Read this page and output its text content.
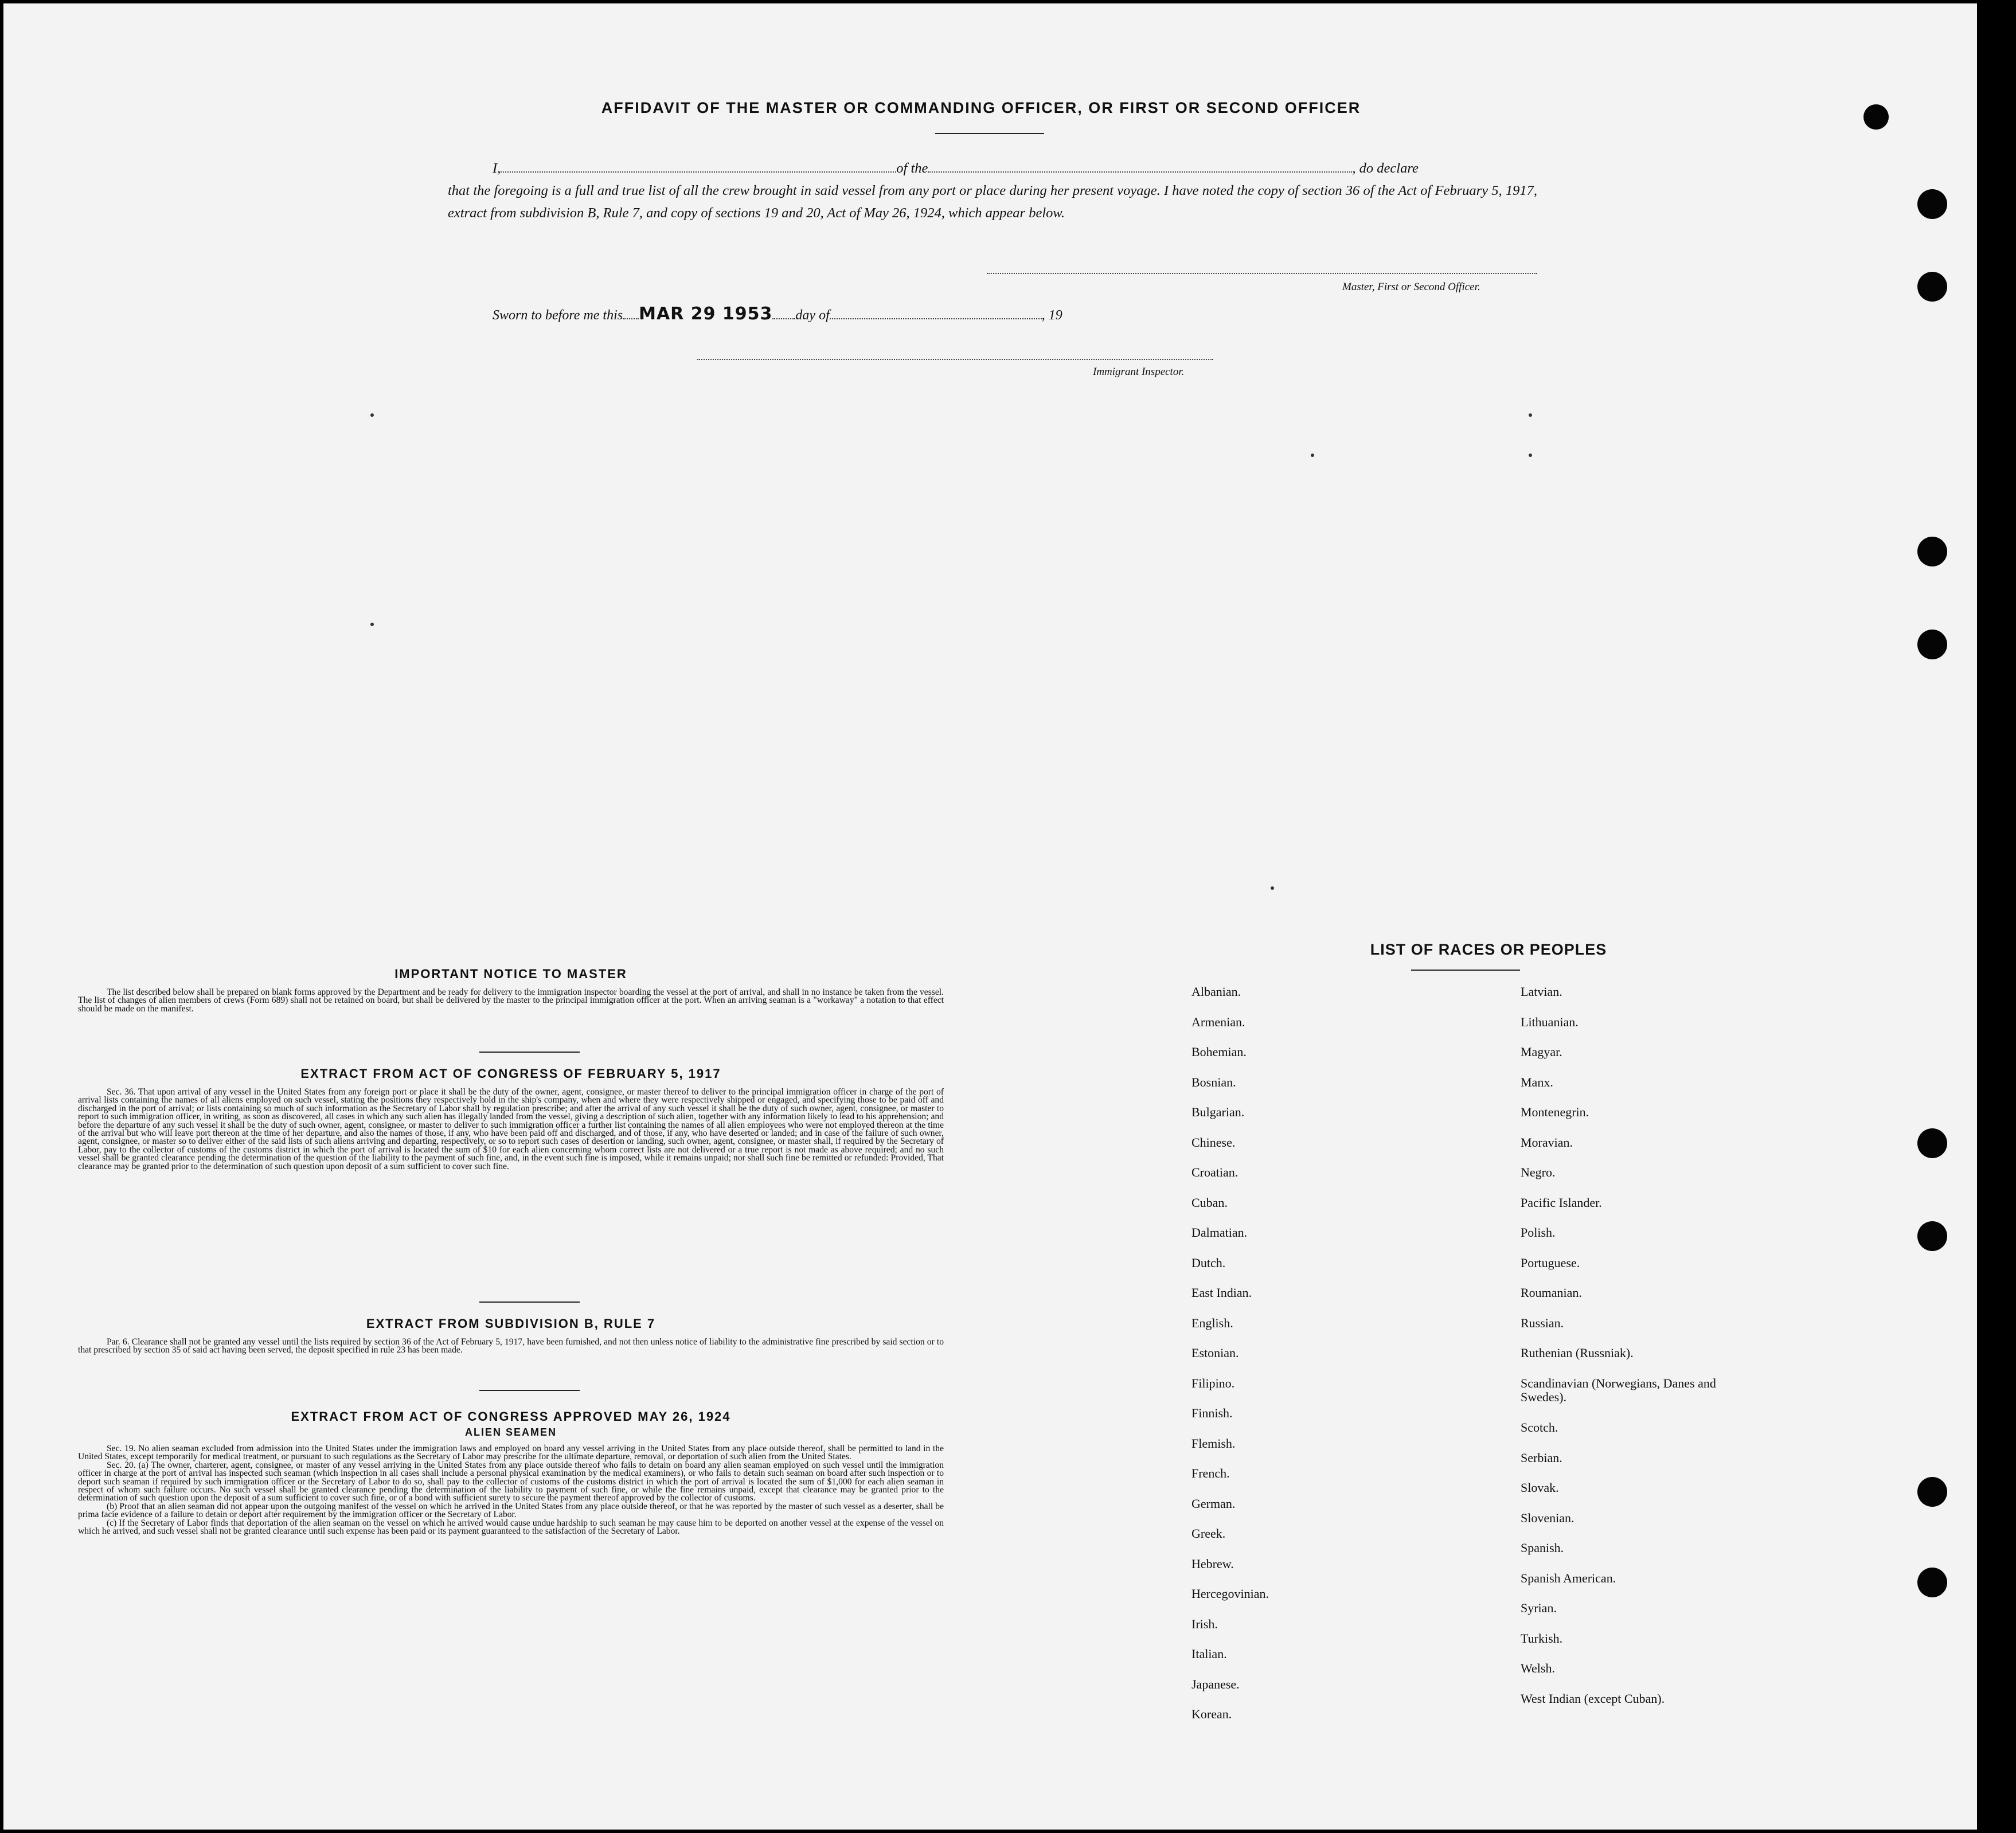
AFFIDAVIT OF THE MASTER OR COMMANDING OFFICER, OR FIRST OR SECOND OFFICER
I,	of the	, do declare
that the foregoing is a full and true list of all the crew brought in said vessel from any port or place during her present voyage. I have noted the copy of section 36 of the Act of February 5, 1917, extract from subdivision B, Rule 7, and copy of sections 19 and 20, Act of May 26, 1924, which appear below.
Master, First or Second Officer.
Sworn to before me this MAR 29 1953 day of	, 19
Immigrant Inspector.
IMPORTANT NOTICE TO MASTER

The list described below shall be prepared on blank forms approved by the Department and be ready for delivery to the immigration inspector boarding the vessel at the port of arrival, and shall in no instance be taken from the vessel. The list of changes of alien members of crews (Form 689) shall not be retained on board, but shall be delivered by the master to the principal immigration officer at the port. When an arriving seaman is a "workaway" a notation to that effect should be made on the manifest.

EXTRACT FROM ACT OF CONGRESS OF FEBRUARY 5, 1917

Sec. 36. That upon arrival of any vessel in the United States from any foreign port or place it shall be the duty of the owner, agent, consignee, or master thereof to deliver to the principal immigration officer in charge of the port of arrival lists containing the names of all aliens employed on such vessel, stating the positions they respectively hold in the ship's company, when and where they were respectively shipped or engaged, and specifying those to be paid off and discharged in the port of arrival; or lists containing so much of such information as the Secretary of Labor shall by regulation prescribe; and after the arrival of any such vessel it shall be the duty of such owner, agent, consignee, or master to report to such immigration officer, in writing, as soon as discovered, all cases in which any such alien has illegally landed from the vessel, giving a description of such alien, together with any information likely to lead to his apprehension; and before the departure of any such vessel it shall be the duty of such owner, agent, consignee, or master to deliver to such immigration officer a further list containing the names of all alien employees who were not employed thereon at the time of the arrival but who will leave port thereon at the time of her departure, and also the names of those, if any, who have been paid off and discharged, and of those, if any, who have deserted or landed; and in case of the failure of such owner, agent, consignee, or master so to deliver either of the said lists of such aliens arriving and departing, respectively, or so to report such cases of desertion or landing, such owner, agent, consignee, or master shall, if required by the Secretary of Labor, pay to the collector of customs of the customs district in which the port of arrival is located the sum of $10 for each alien concerning whom correct lists are not delivered or a true report is not made as above required; and no such vessel shall be granted clearance pending the determination of the question of the liability to the payment of such fine, and, in the event such fine is imposed, while it remains unpaid; nor shall such fine be remitted or refunded: Provided, That clearance may be granted prior to the determination of such question upon deposit of a sum sufficient to cover such fine.

EXTRACT FROM SUBDIVISION B, RULE 7

Par. 6. Clearance shall not be granted any vessel until the lists required by section 36 of the Act of February 5, 1917, have been furnished, and not then unless notice of liability to the administrative fine prescribed by said section or to that prescribed by section 35 of said act having been served, the deposit specified in rule 23 has been made.

EXTRACT FROM ACT OF CONGRESS APPROVED MAY 26, 1924
ALIEN SEAMEN

Sec. 19. No alien seaman excluded from admission into the United States under the immigration laws and employed on board any vessel arriving in the United States from any place outside thereof, shall be permitted to land in the United States, except temporarily for medical treatment, or pursuant to such regulations as the Secretary of Labor may prescribe for the ultimate departure, removal, or deportation of such alien from the United States.

Sec. 20. (a) The owner, charterer, agent, consignee, or master of any vessel arriving in the United States from any place outside thereof who fails to detain on board any alien seaman employed on such vessel until the immigration officer in charge at the port of arrival has inspected such seaman (which inspection in all cases shall include a personal physical examination by the medical examiners), or who fails to detain such seaman on board after such inspection or to deport such seaman if required by such immigration officer or the Secretary of Labor to do so, shall pay to the collector of customs of the customs district in which the port of arrival is located the sum of $1,000 for each alien seaman in respect of whom such failure occurs. No such vessel shall be granted clearance pending the determination of the liability to payment of such fine, or while the fine remains unpaid, except that clearance may be granted prior to the determination of such question upon the deposit of a sum sufficient to cover such fine, or of a bond with sufficient surety to secure the payment thereof approved by the collector of customs.

(b) Proof that an alien seaman did not appear upon the outgoing manifest of the vessel on which he arrived in the United States from any place outside thereof, or that he was reported by the master of such vessel as a deserter, shall be prima facie evidence of a failure to detain or deport after requirement by the immigration officer or the Secretary of Labor.

(c) If the Secretary of Labor finds that deportation of the alien seaman on the vessel on which he arrived would cause undue hardship to such seaman he may cause him to be deported on another vessel at the expense of the vessel on which he arrived, and such vessel shall not be granted clearance until such expense has been paid or its payment guaranteed to the satisfaction of the Secretary of Labor.

LIST OF RACES OR PEOPLES
Albanian.
Armenian.
Bohemian.
Bosnian.
Bulgarian.
Chinese.
Croatian.
Cuban.
Dalmatian.
Dutch.
East Indian.
English.
Estonian.
Filipino.
Finnish.
Flemish.
French.
German.
Greek.
Hebrew.
Hercegovinian.
Irish.
Italian.
Japanese.
Korean.
Latvian.
Lithuanian.
Magyar.
Manx.
Montenegrin.
Moravian.
Negro.
Pacific Islander.
Polish.
Portuguese.
Roumanian.
Russian.
Ruthenian (Russniak).
Scandinavian (Norwegians, Danes and Swedes).
Scotch.
Serbian.
Slovak.
Slovenian.
Spanish.
Spanish American.
Syrian.
Turkish.
Welsh.
West Indian (except Cuban).
